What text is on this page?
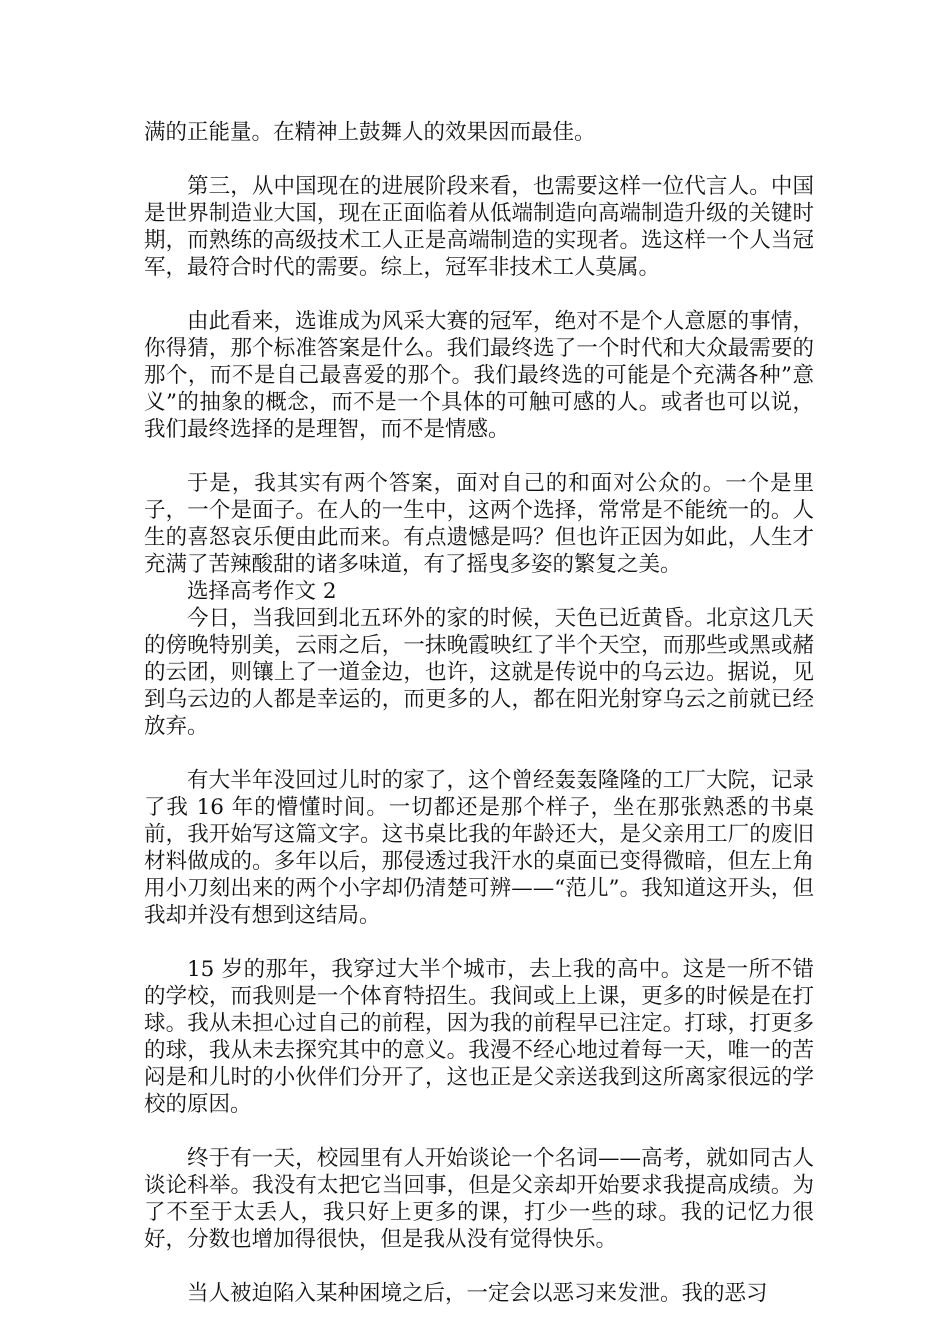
满的正能量。在精神上鼓舞人的效果因而最佳。

第三，从中国现在的进展阶段来看，也需要这样一位代言人。中国是世界制造业大国，现在正面临着从低端制造向高端制造升级的关键时期，而熟练的高级技术工人正是高端制造的实现者。选这样一个人当冠军，最符合时代的需要。综上，冠军非技术工人莫属。

由此看来，选谁成为风采大赛的冠军，绝对不是个人意愿的事情，你得猜，那个标准答案是什么。我们最终选了一个时代和大众最需要的那个，而不是自己最喜爱的那个。我们最终选的可能是个充满各种”意义”的抽象的概念，而不是一个具体的可触可感的人。或者也可以说，我们最终选择的是理智，而不是情感。

于是，我其实有两个答案，面对自己的和面对公众的。一个是里子，一个是面子。在人的一生中，这两个选择，常常是不能统一的。人生的喜怒哀乐便由此而来。有点遗憾是吗？但也许正因为如此，人生才充满了苦辣酸甜的诸多味道，有了摇曳多姿的繁复之美。

选择高考作文 2

今日，当我回到北五环外的家的时候，天色已近黄昏。北京这几天的傍晚特别美，云雨之后，一抹晚霞映红了半个天空，而那些或黑或赭的云团，则镶上了一道金边，也许，这就是传说中的乌云边。据说，见到乌云边的人都是幸运的，而更多的人，都在阳光射穿乌云之前就已经放弃。

有大半年没回过儿时的家了，这个曾经轰轰隆隆的工厂大院，记录了我 16 年的懵懂时间。一切都还是那个样子，坐在那张熟悉的书桌前，我开始写这篇文字。这书桌比我的年龄还大，是父亲用工厂的废旧材料做成的。多年以后，那侵透过我汗水的桌面已变得微暗，但左上角用小刀刻出来的两个小字却仍清楚可辨——“范儿”。我知道这开头，但我却并没有想到这结局。

15 岁的那年，我穿过大半个城市，去上我的高中。这是一所不错的学校，而我则是一个体育特招生。我间或上上课，更多的时候是在打球。我从未担心过自己的前程，因为我的前程早已注定。打球，打更多的球，我从未去探究其中的意义。我漫不经心地过着每一天，唯一的苦闷是和儿时的小伙伴们分开了，这也正是父亲送我到这所离家很远的学校的原因。

终于有一天，校园里有人开始谈论一个名词——高考，就如同古人谈论科举。我没有太把它当回事，但是父亲却开始要求我提高成绩。为了不至于太丢人，我只好上更多的课，打少一些的球。我的记忆力很好，分数也增加得很快，但是我从没有觉得快乐。

当人被迫陷入某种困境之后，一定会以恶习来发泄。我的恶习
